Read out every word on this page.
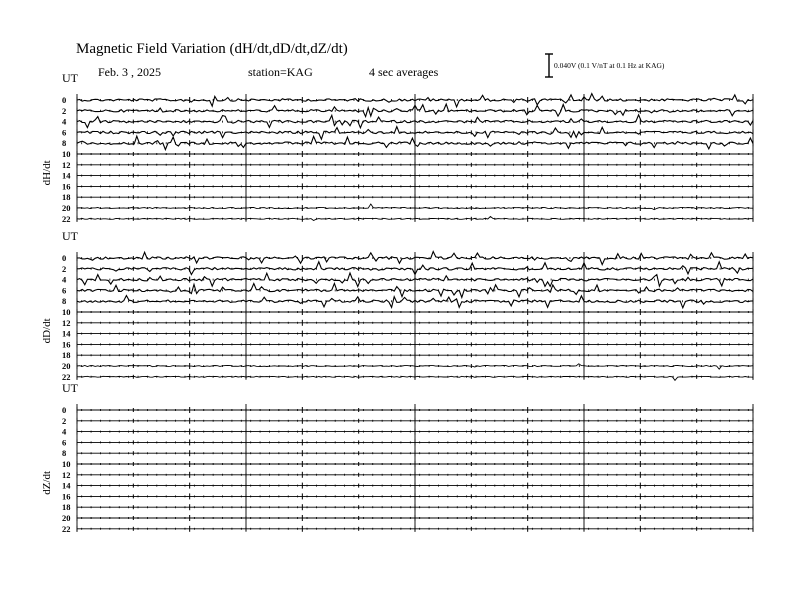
Magnetic Field Variation (dH/dt,dD/dt,dZ/dt)
Feb. 3 , 2025	station=KAG	4 sec averages	0.040V (0.1 V/nT at 0.1 Hz at KAG)
UT
dH/dt
0
2
4
6
8
10
12
14
16
18
20
22
UT
dD/dt
0
2
4
6
8
10
12
14
16
18
20
22
UT
dZ/dt
0
2
4
6
8
10
12
14
16
18
20
22
